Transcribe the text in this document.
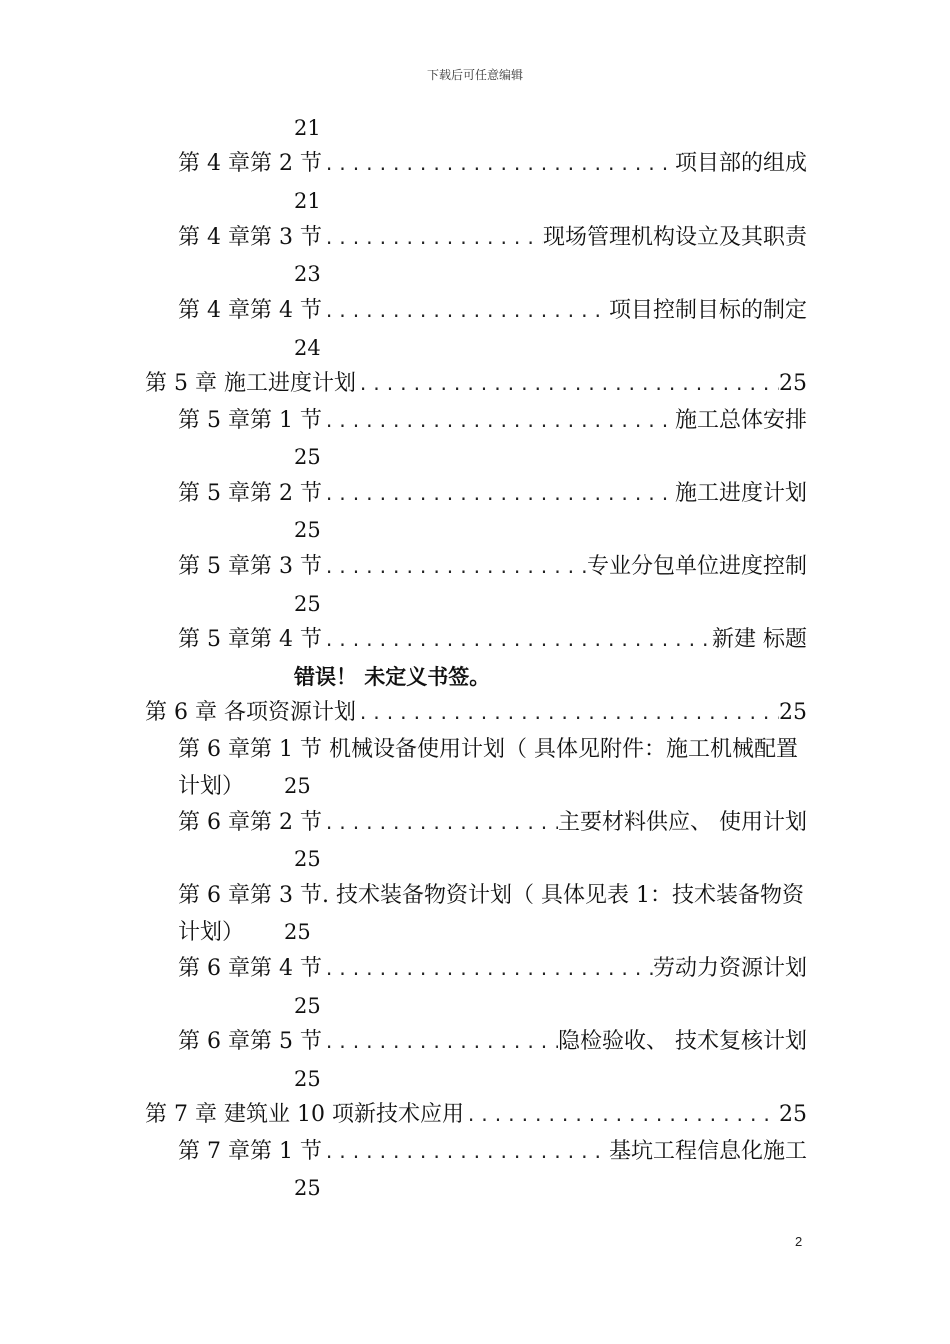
下载后可任意编辑
21
第 4 章第 2 节 .....	项目部的组成
21
第 4 章第 3 节 .....	现场管理机构设立及其职责
23
第 4 章第 4 节 .....	项目控制目标的制定
24
第 5 章 施工进度计划 .....	25
第 5 章第 1 节 .....	施工总体安排
25
第 5 章第 2 节 .....	施工进度计划
25
第 5 章第 3 节 .....	专业分包单位进度控制
25
第 5 章第 4 节 .....	新建 标题
错误！ 未定义书签。
第 6 章 各项资源计划 .....	25
第 6 章第 1 节 机械设备使用计划（ 具体见附件：施工机械配置
计划） 25
第 6 章第 2 节 .....	主要材料供应、 使用计划
25
第 6 章第 3 节. 技术装备物资计划（ 具体见表 1：技术装备物资
计划） 25
第 6 章第 4 节 .....	劳动力资源计划
25
第 6 章第 5 节 .....	隐检验收、 技术复核计划
25
第 7 章 建筑业 10 项新技术应用 .....	25
第 7 章第 1 节 .....	基坑工程信息化施工
25
2
